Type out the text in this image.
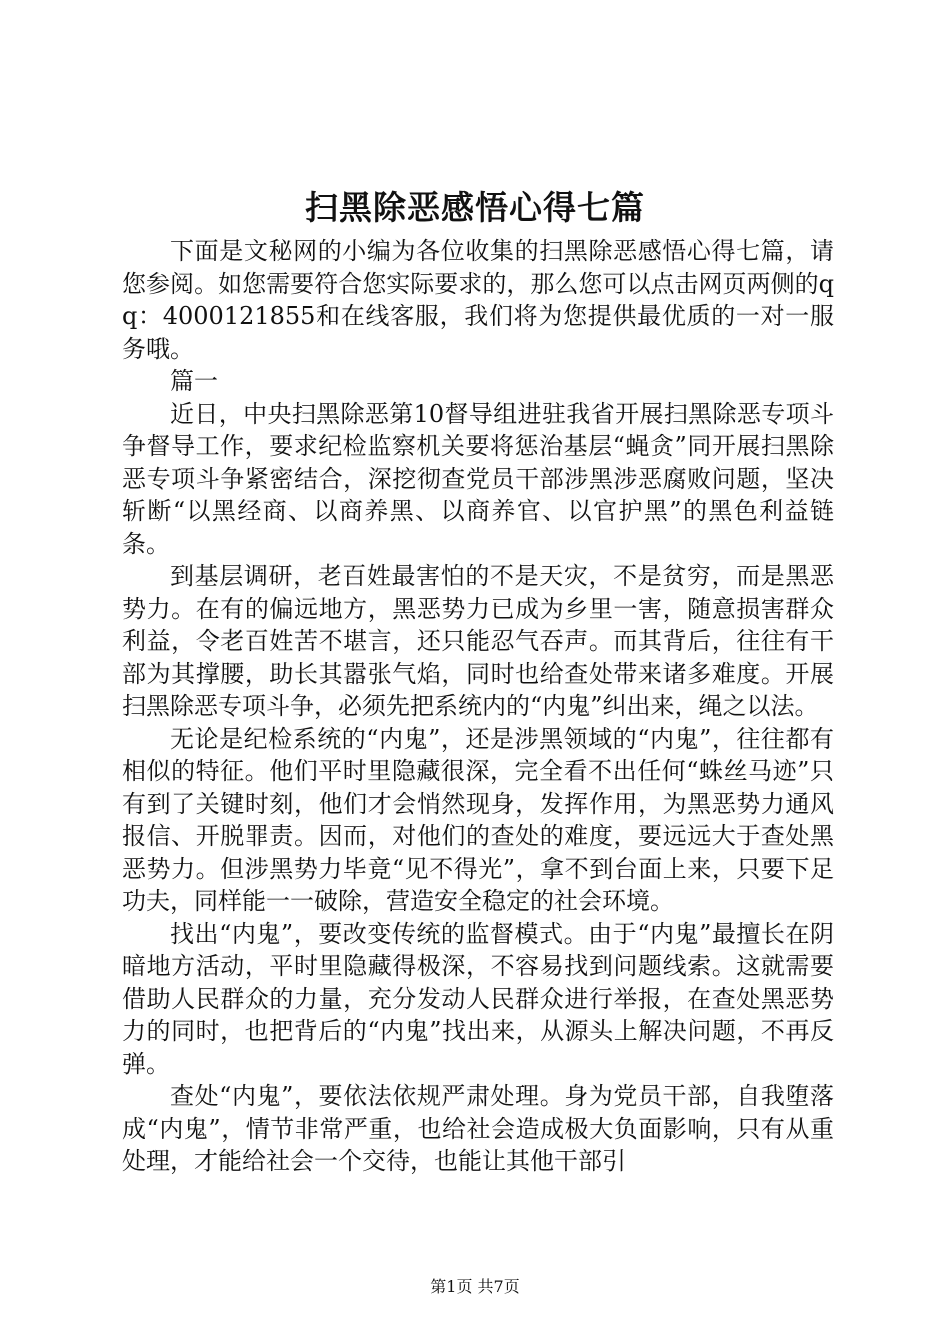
扫黑除恶感悟心得七篇

下面是文秘网的小编为各位收集的扫黑除恶感悟心得七篇，请您参阅。如您需要符合您实际要求的，那么您可以点击网页两侧的qq：4000121855和在线客服，我们将为您提供最优质的一对一服务哦。

篇一

近日，中央扫黑除恶第10督导组进驻我省开展扫黑除恶专项斗争督导工作，要求纪检监察机关要将惩治基层“蝇贪”同开展扫黑除恶专项斗争紧密结合，深挖彻查党员干部涉黑涉恶腐败问题，坚决斩断“以黑经商、以商养黑、以商养官、以官护黑”的黑色利益链条。

到基层调研，老百姓最害怕的不是天灾，不是贫穷，而是黑恶势力。在有的偏远地方，黑恶势力已成为乡里一害，随意损害群众利益，令老百姓苦不堪言，还只能忍气吞声。而其背后，往往有干部为其撑腰，助长其嚣张气焰，同时也给查处带来诸多难度。开展扫黑除恶专项斗争，必须先把系统内的“内鬼”纠出来，绳之以法。

无论是纪检系统的“内鬼”，还是涉黑领域的“内鬼”，往往都有相似的特征。他们平时里隐藏很深，完全看不出任何“蛛丝马迹”只有到了关键时刻，他们才会悄然现身，发挥作用，为黑恶势力通风报信、开脱罪责。因而，对他们的查处的难度，要远远大于查处黑恶势力。但涉黑势力毕竟“见不得光”，拿不到台面上来，只要下足功夫，同样能一一破除，营造安全稳定的社会环境。

找出“内鬼”，要改变传统的监督模式。由于“内鬼”最擅长在阴暗地方活动，平时里隐藏得极深，不容易找到问题线索。这就需要借助人民群众的力量，充分发动人民群众进行举报，在查处黑恶势力的同时，也把背后的“内鬼”找出来，从源头上解决问题，不再反弹。

查处“内鬼”，要依法依规严肃处理。身为党员干部，自我堕落成“内鬼”，情节非常严重，也给社会造成极大负面影响，只有从重处理，才能给社会一个交待，也能让其他干部引

第1页 共7页
